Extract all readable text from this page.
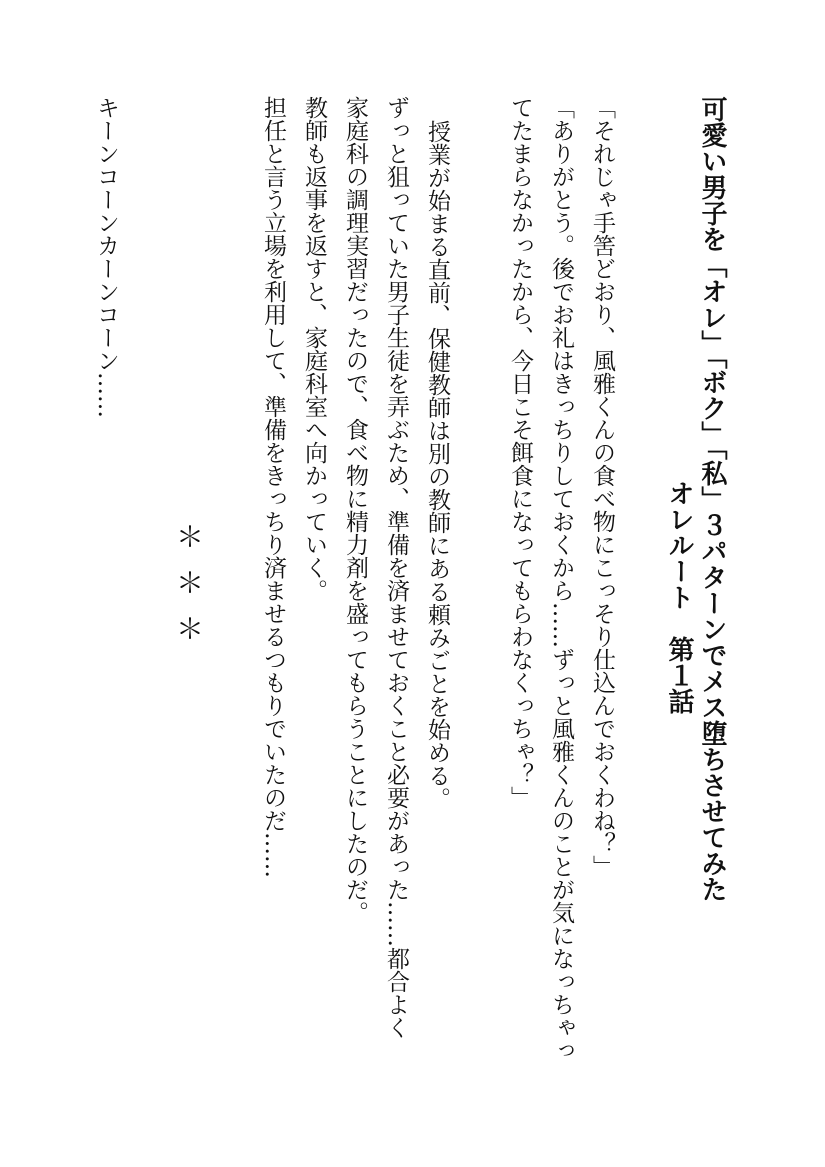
可愛い男子を「オレ」「ボク」「私」３パターンでメス堕ちさせてみた
オレルート　第１話
「それじゃ手筈どおり、風雅くんの食べ物にこっそり仕込んでおくわね？」
「ありがとう。後でお礼はきっちりしておくから……ずっと風雅くんのことが気になっちゃっ
てたまらなかったから、今日こそ餌食になってもらわなくっちゃ？」
授業が始まる直前、保健教師は別の教師にある頼みごとを始める。
ずっと狙っていた男子生徒を弄ぶため、準備を済ませておくこと必要があった……都合よく
家庭科の調理実習だったので、食べ物に精力剤を盛ってもらうことにしたのだ。
教師も返事を返すと、家庭科室へ向かっていく。
担任と言う立場を利用して、準備をきっちり済ませるつもりでいたのだ……
＊＊＊
キーンコーンカーンコーン……
